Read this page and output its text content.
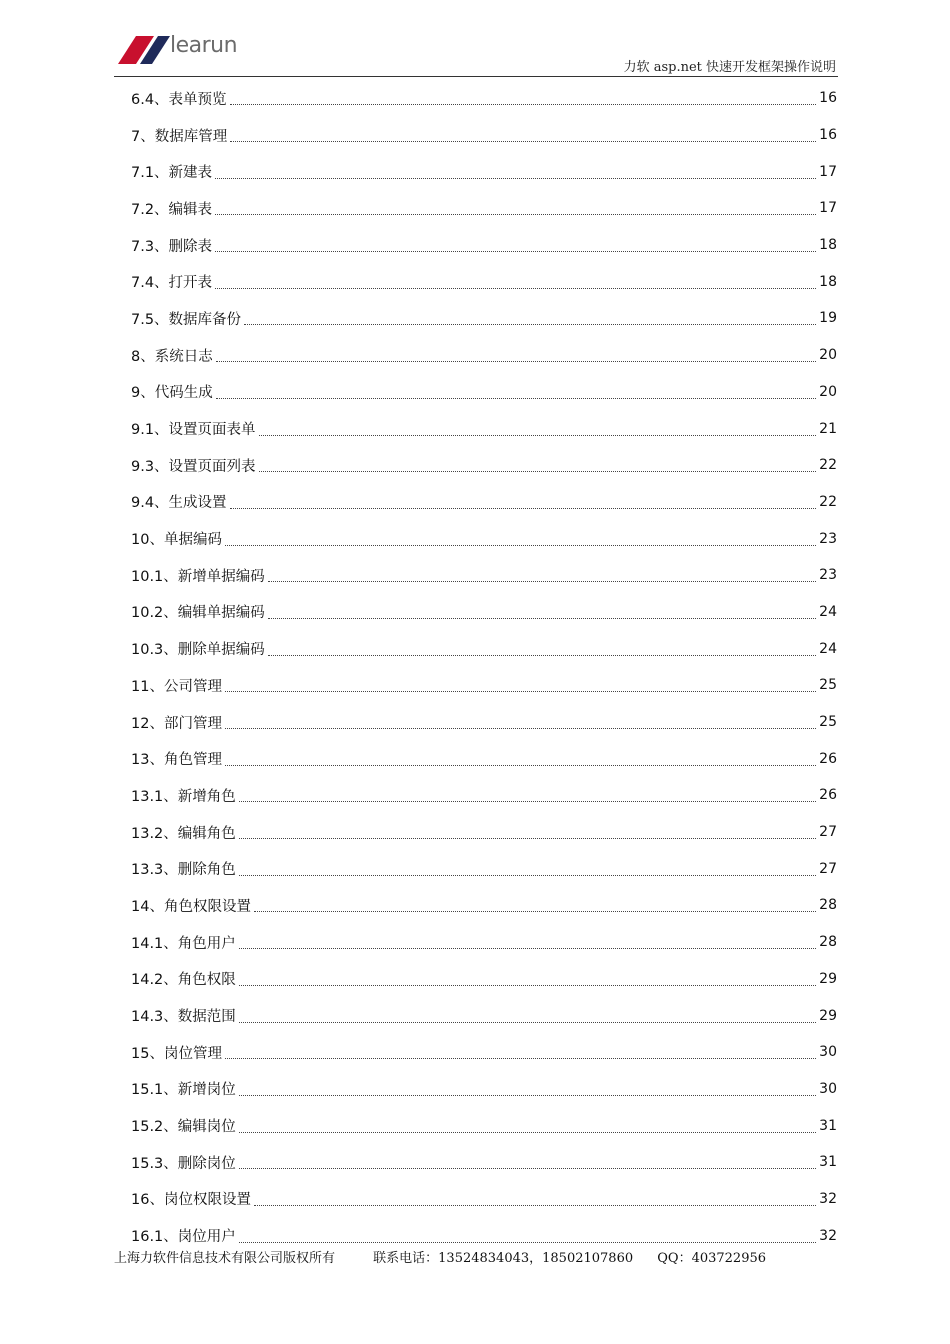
learun
力软 asp.net 快速开发框架操作说明
6.4、表单预览	16
7、数据库管理	16
7.1、新建表	17
7.2、编辑表	17
7.3、删除表	18
7.4、打开表	18
7.5、数据库备份	19
8、系统日志	20
9、代码生成	20
9.1、设置页面表单	21
9.3、设置页面列表	22
9.4、生成设置	22
10、单据编码	23
10.1、新增单据编码	23
10.2、编辑单据编码	24
10.3、删除单据编码	24
11、公司管理	25
12、部门管理	25
13、角色管理	26
13.1、新增角色	26
13.2、编辑角色	27
13.3、删除角色	27
14、角色权限设置	28
14.1、角色用户	28
14.2、角色权限	29
14.3、数据范围	29
15、岗位管理	30
15.1、新增岗位	30
15.2、编辑岗位	31
15.3、删除岗位	31
16、岗位权限设置	32
16.1、岗位用户	32
上海力软件信息技术有限公司版权所有	联系电话：13524834043，18502107860 QQ：403722956
